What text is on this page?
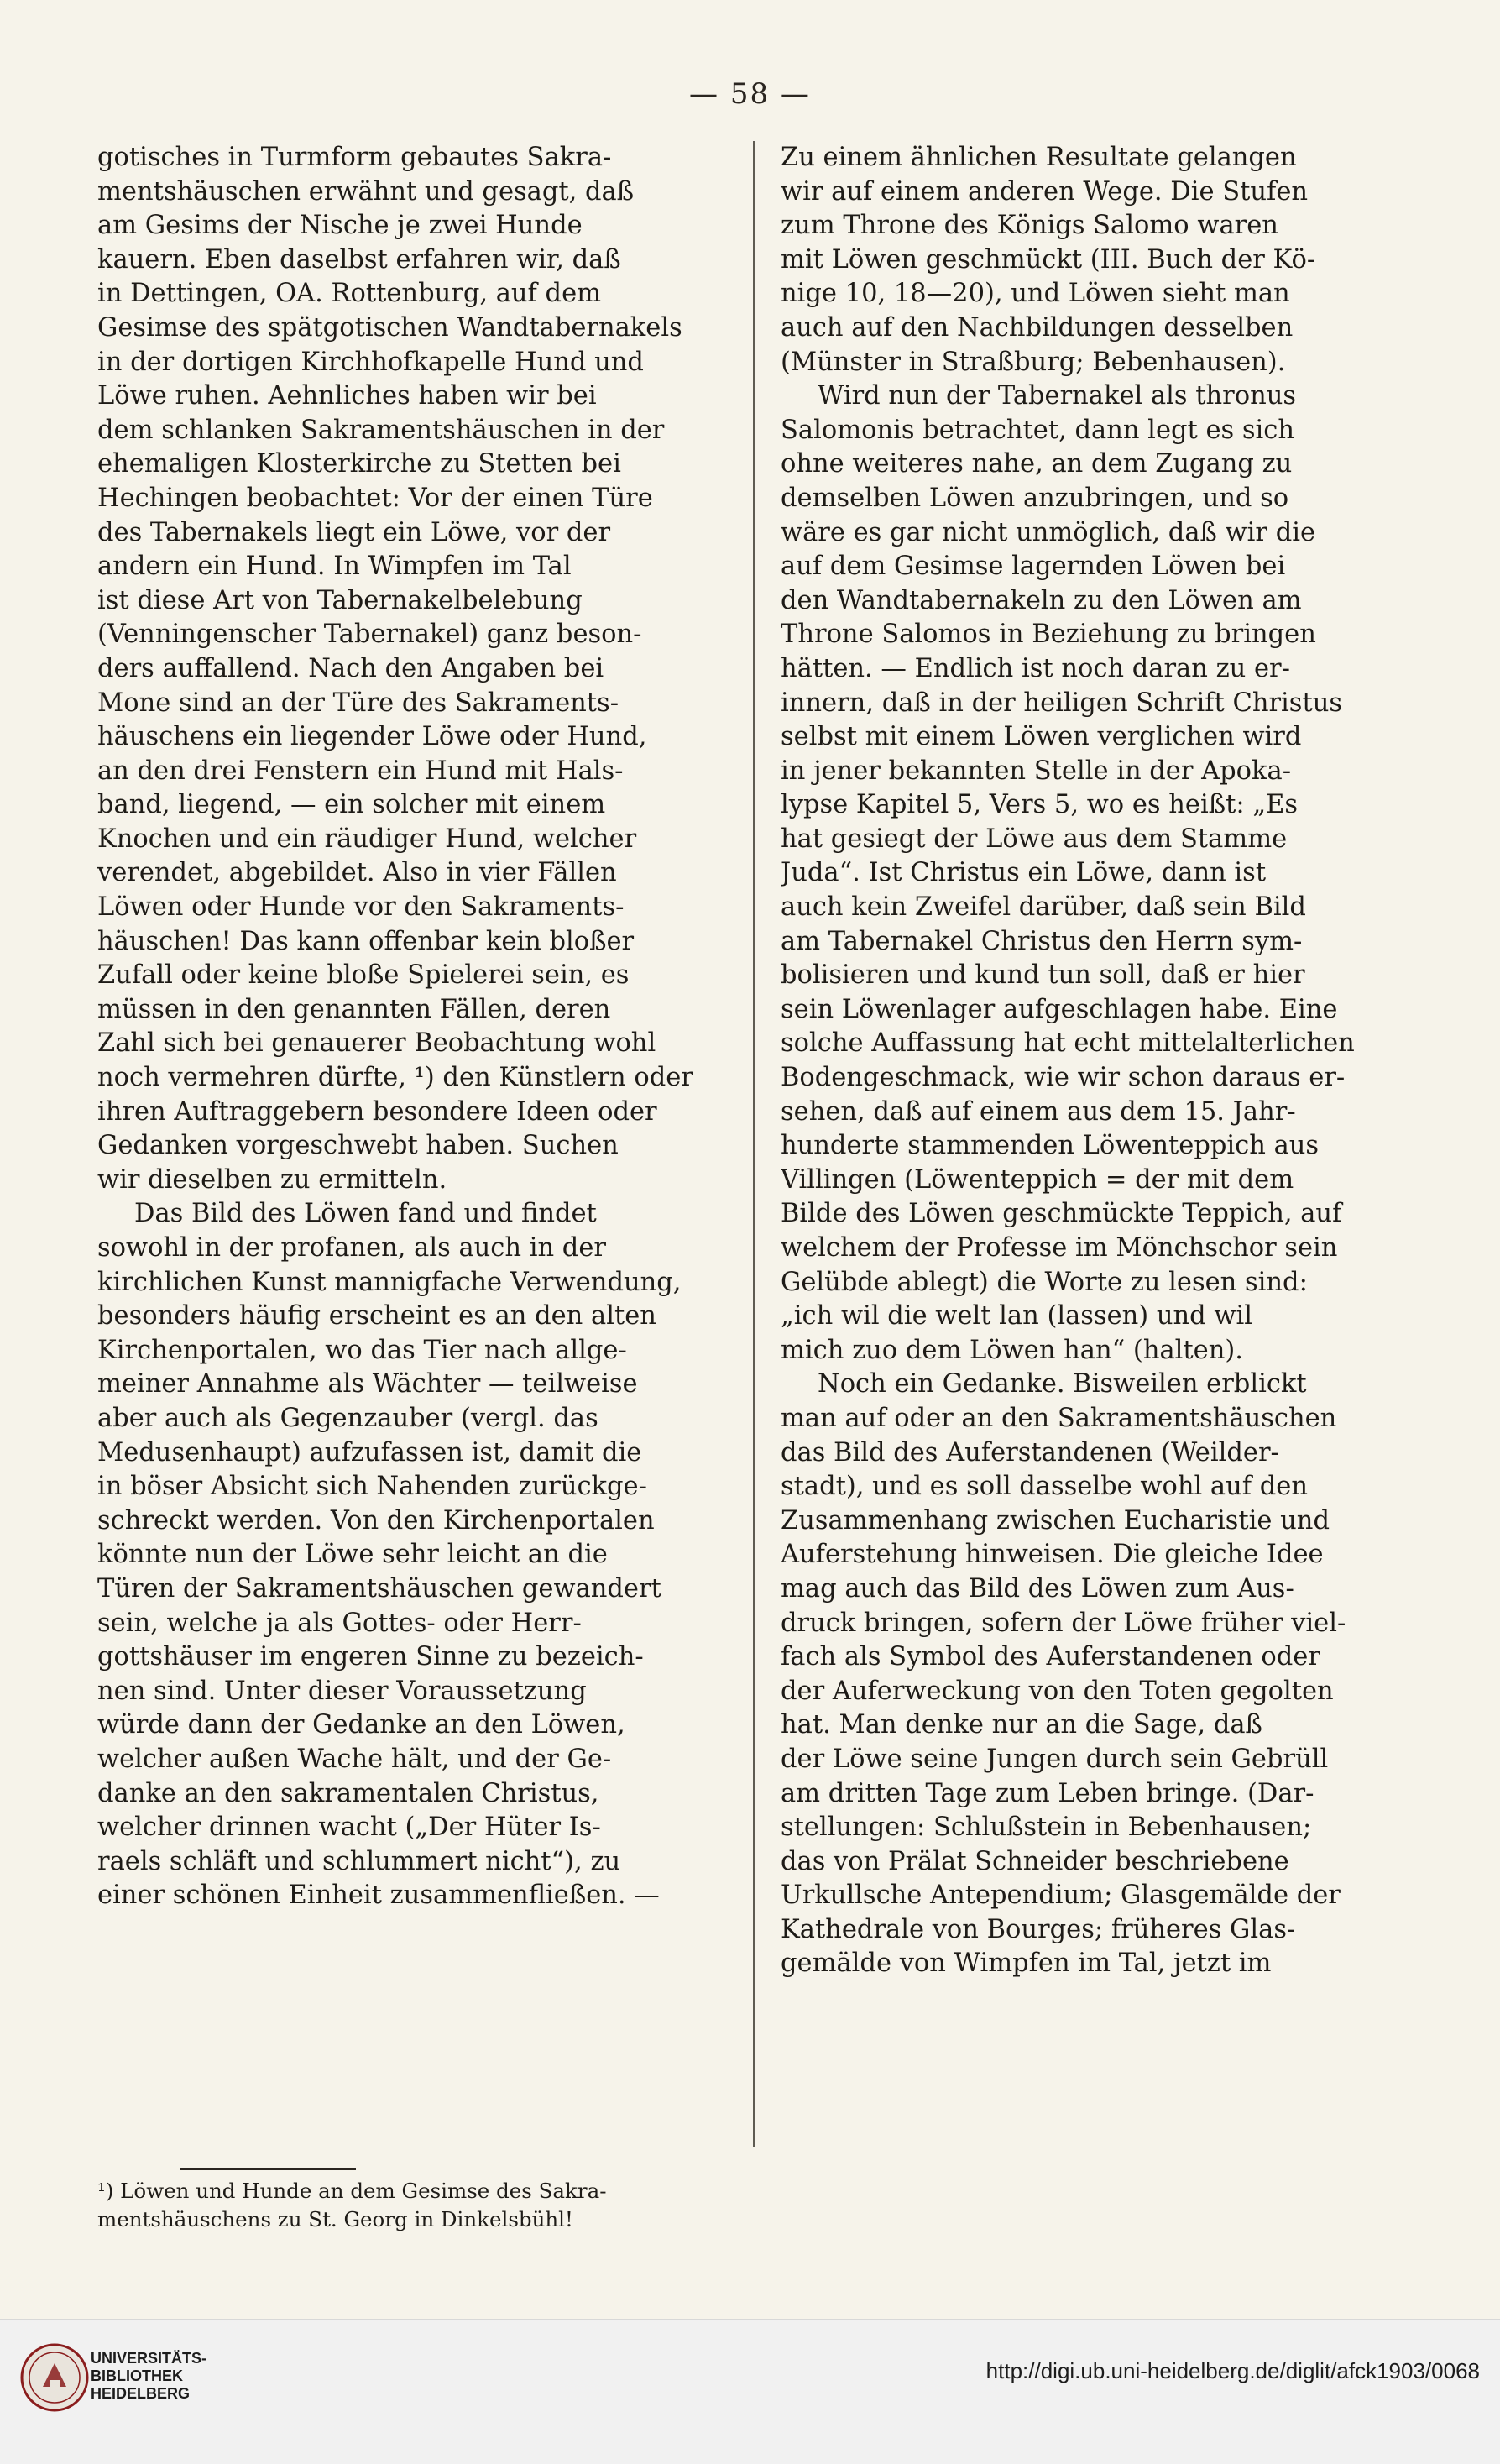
— 58 —
gotisches in Turmform gebautes Sakra-
mentshäuschen erwähnt und gesagt, daß
am Gesims der Nische je zwei Hunde
kauern. Eben daselbst erfahren wir, daß
in Dettingen, OA. Rottenburg, auf dem
Gesimse des spätgotischen Wandtabernakels
in der dortigen Kirchhofkapelle Hund und
Löwe ruhen. Aehnliches haben wir bei
dem schlanken Sakramentshäuschen in der
ehemaligen Klosterkirche zu Stetten bei
Hechingen beobachtet: Vor der einen Türe
des Tabernakels liegt ein Löwe, vor der
andern ein Hund. In Wimpfen im Tal
ist diese Art von Tabernakelbelebung
(Venningenscher Tabernakel) ganz beson-
ders auffallend. Nach den Angaben bei
Mone sind an der Türe des Sakraments-
häuschens ein liegender Löwe oder Hund,
an den drei Fenstern ein Hund mit Hals-
band, liegend, — ein solcher mit einem
Knochen und ein räudiger Hund, welcher
verendet, abgebildet. Also in vier Fällen
Löwen oder Hunde vor den Sakraments-
häuschen! Das kann offenbar kein bloßer
Zufall oder keine bloße Spielerei sein, es
müssen in den genannten Fällen, deren
Zahl sich bei genauerer Beobachtung wohl
noch vermehren dürfte, ¹) den Künstlern oder
ihren Auftraggebern besondere Ideen oder
Gedanken vorgeschwebt haben. Suchen
wir dieselben zu ermitteln.
Das Bild des Löwen fand und findet
sowohl in der profanen, als auch in der
kirchlichen Kunst mannigfache Verwendung,
besonders häufig erscheint es an den alten
Kirchenportalen, wo das Tier nach allge-
meiner Annahme als Wächter — teilweise
aber auch als Gegenzauber (vergl. das
Medusenhaupt) aufzufassen ist, damit die
in böser Absicht sich Nahenden zurückge-
schreckt werden. Von den Kirchenportalen
könnte nun der Löwe sehr leicht an die
Türen der Sakramentshäuschen gewandert
sein, welche ja als Gottes- oder Herr-
gottshäuser im engeren Sinne zu bezeich-
nen sind. Unter dieser Voraussetzung
würde dann der Gedanke an den Löwen,
welcher außen Wache hält, und der Ge-
danke an den sakramentalen Christus,
welcher drinnen wacht („Der Hüter Is-
raels schläft und schlummert nicht“), zu
einer schönen Einheit zusammenfließen. —
Zu einem ähnlichen Resultate gelangen
wir auf einem anderen Wege. Die Stufen
zum Throne des Königs Salomo waren
mit Löwen geschmückt (III. Buch der Kö-
nige 10, 18—20), und Löwen sieht man
auch auf den Nachbildungen desselben
(Münster in Straßburg; Bebenhausen).
Wird nun der Tabernakel als thronus
Salomonis betrachtet, dann legt es sich
ohne weiteres nahe, an dem Zugang zu
demselben Löwen anzubringen, und so
wäre es gar nicht unmöglich, daß wir die
auf dem Gesimse lagernden Löwen bei
den Wandtabernakeln zu den Löwen am
Throne Salomos in Beziehung zu bringen
hätten. — Endlich ist noch daran zu er-
innern, daß in der heiligen Schrift Christus
selbst mit einem Löwen verglichen wird
in jener bekannten Stelle in der Apoka-
lypse Kapitel 5, Vers 5, wo es heißt: „Es
hat gesiegt der Löwe aus dem Stamme
Juda“. Ist Christus ein Löwe, dann ist
auch kein Zweifel darüber, daß sein Bild
am Tabernakel Christus den Herrn sym-
bolisieren und kund tun soll, daß er hier
sein Löwenlager aufgeschlagen habe. Eine
solche Auffassung hat echt mittelalterlichen
Bodengeschmack, wie wir schon daraus er-
sehen, daß auf einem aus dem 15. Jahr-
hunderte stammenden Löwenteppich aus
Villingen (Löwenteppich = der mit dem
Bilde des Löwen geschmückte Teppich, auf
welchem der Professe im Mönchschor sein
Gelübde ablegt) die Worte zu lesen sind:
„ich wil die welt lan (lassen) und wil
mich zuo dem Löwen han“ (halten).
Noch ein Gedanke. Bisweilen erblickt
man auf oder an den Sakramentshäuschen
das Bild des Auferstandenen (Weilder-
stadt), und es soll dasselbe wohl auf den
Zusammenhang zwischen Eucharistie und
Auferstehung hinweisen. Die gleiche Idee
mag auch das Bild des Löwen zum Aus-
druck bringen, sofern der Löwe früher viel-
fach als Symbol des Auferstandenen oder
der Auferweckung von den Toten gegolten
hat. Man denke nur an die Sage, daß
der Löwe seine Jungen durch sein Gebrüll
am dritten Tage zum Leben bringe. (Dar-
stellungen: Schlußstein in Bebenhausen;
das von Prälat Schneider beschriebene
Urkullsche Antependium; Glasgemälde der
Kathedrale von Bourges; früheres Glas-
gemälde von Wimpfen im Tal, jetzt im
¹) Löwen und Hunde an dem Gesimse des Sakra-
mentshäuschens zu St. Georg in Dinkelsbühl!
UNIVERSITÄTS-
BIBLIOTHEK
HEIDELBERG
http://digi.ub.uni-heidelberg.de/diglit/afck1903/0068
